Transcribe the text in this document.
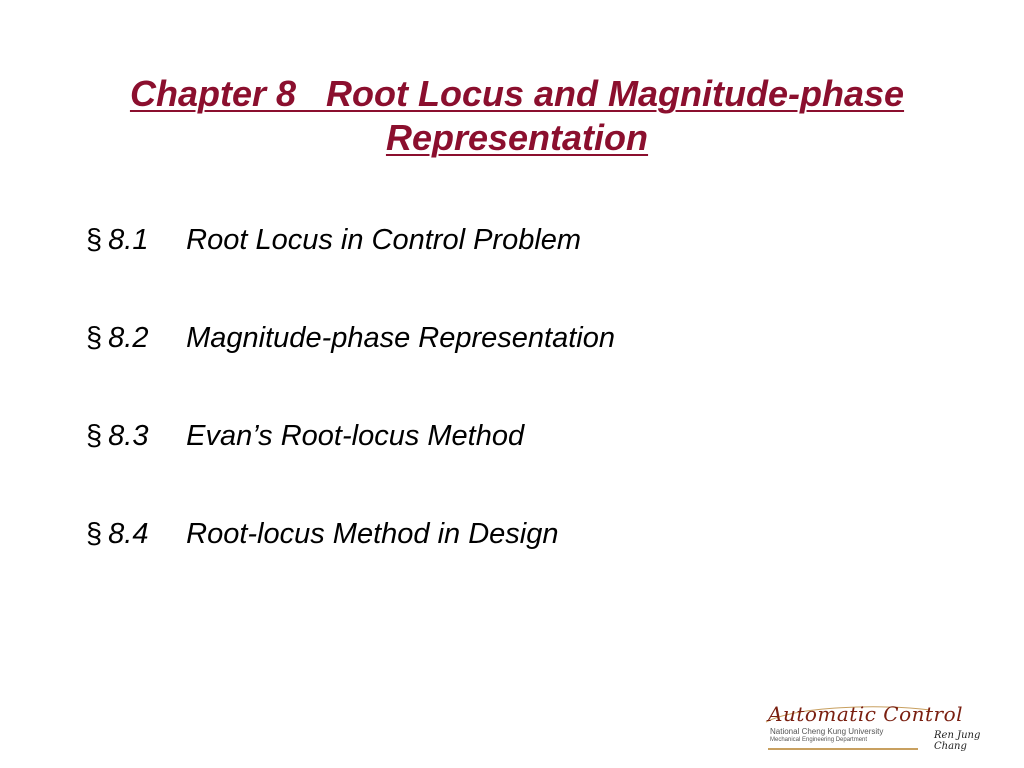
Chapter 8   Root Locus and Magnitude-phase
Representation
§ 8.1 Root Locus in Control Problem
§ 8.2 Magnitude-phase Representation
§ 8.3 Evan’s Root-locus Method
§ 8.4 Root-locus Method in Design
Automatic Control
National Cheng Kung University
Mechanical Engineering Department	Ren Jung Chang
